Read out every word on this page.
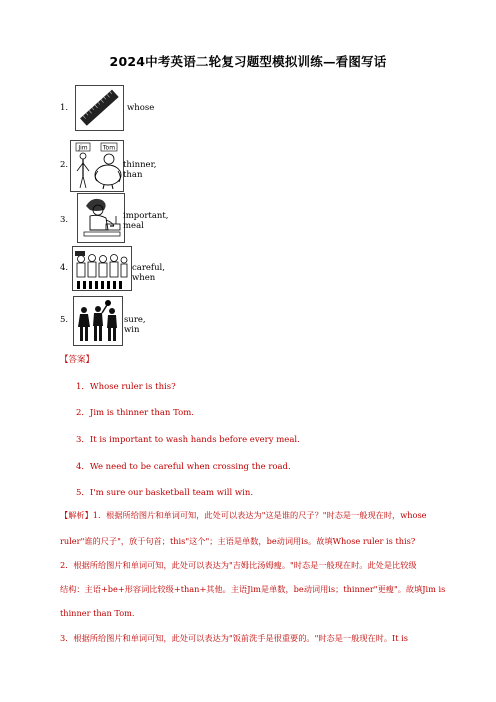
2024中考英语二轮复习题型模拟训练—看图写话
1.	whose
2.
Jim	Tom
thinner, than
3.	important, meal
4.	careful, when
5.	sure, win
【答案】
1．Whose ruler is this?
2．Jim is thinner than Tom.
3．It is important to wash hands before every meal.
4．We need to be careful when crossing the road.
5．I'm sure our basketball team will win.
【解析】1．根据所给图片和单词可知，此处可以表达为"这是谁的尺子？"时态是一般现在时，whose
ruler"谁的尺子"，放于句首；this"这个"；主语是单数，be动词用is。故填Whose ruler is this?
2．根据所给图片和单词可知，此处可以表达为"吉姆比汤姆瘦。"时态是一般现在时。此处是比较级
结构：主语+be+形容词比较级+than+其他。主语Jim是单数，be动词用is；thinner"更瘦"。故填Jim is
thinner than Tom.
3．根据所给图片和单词可知，此处可以表达为"饭前洗手是很重要的。"时态是一般现在时。It is
